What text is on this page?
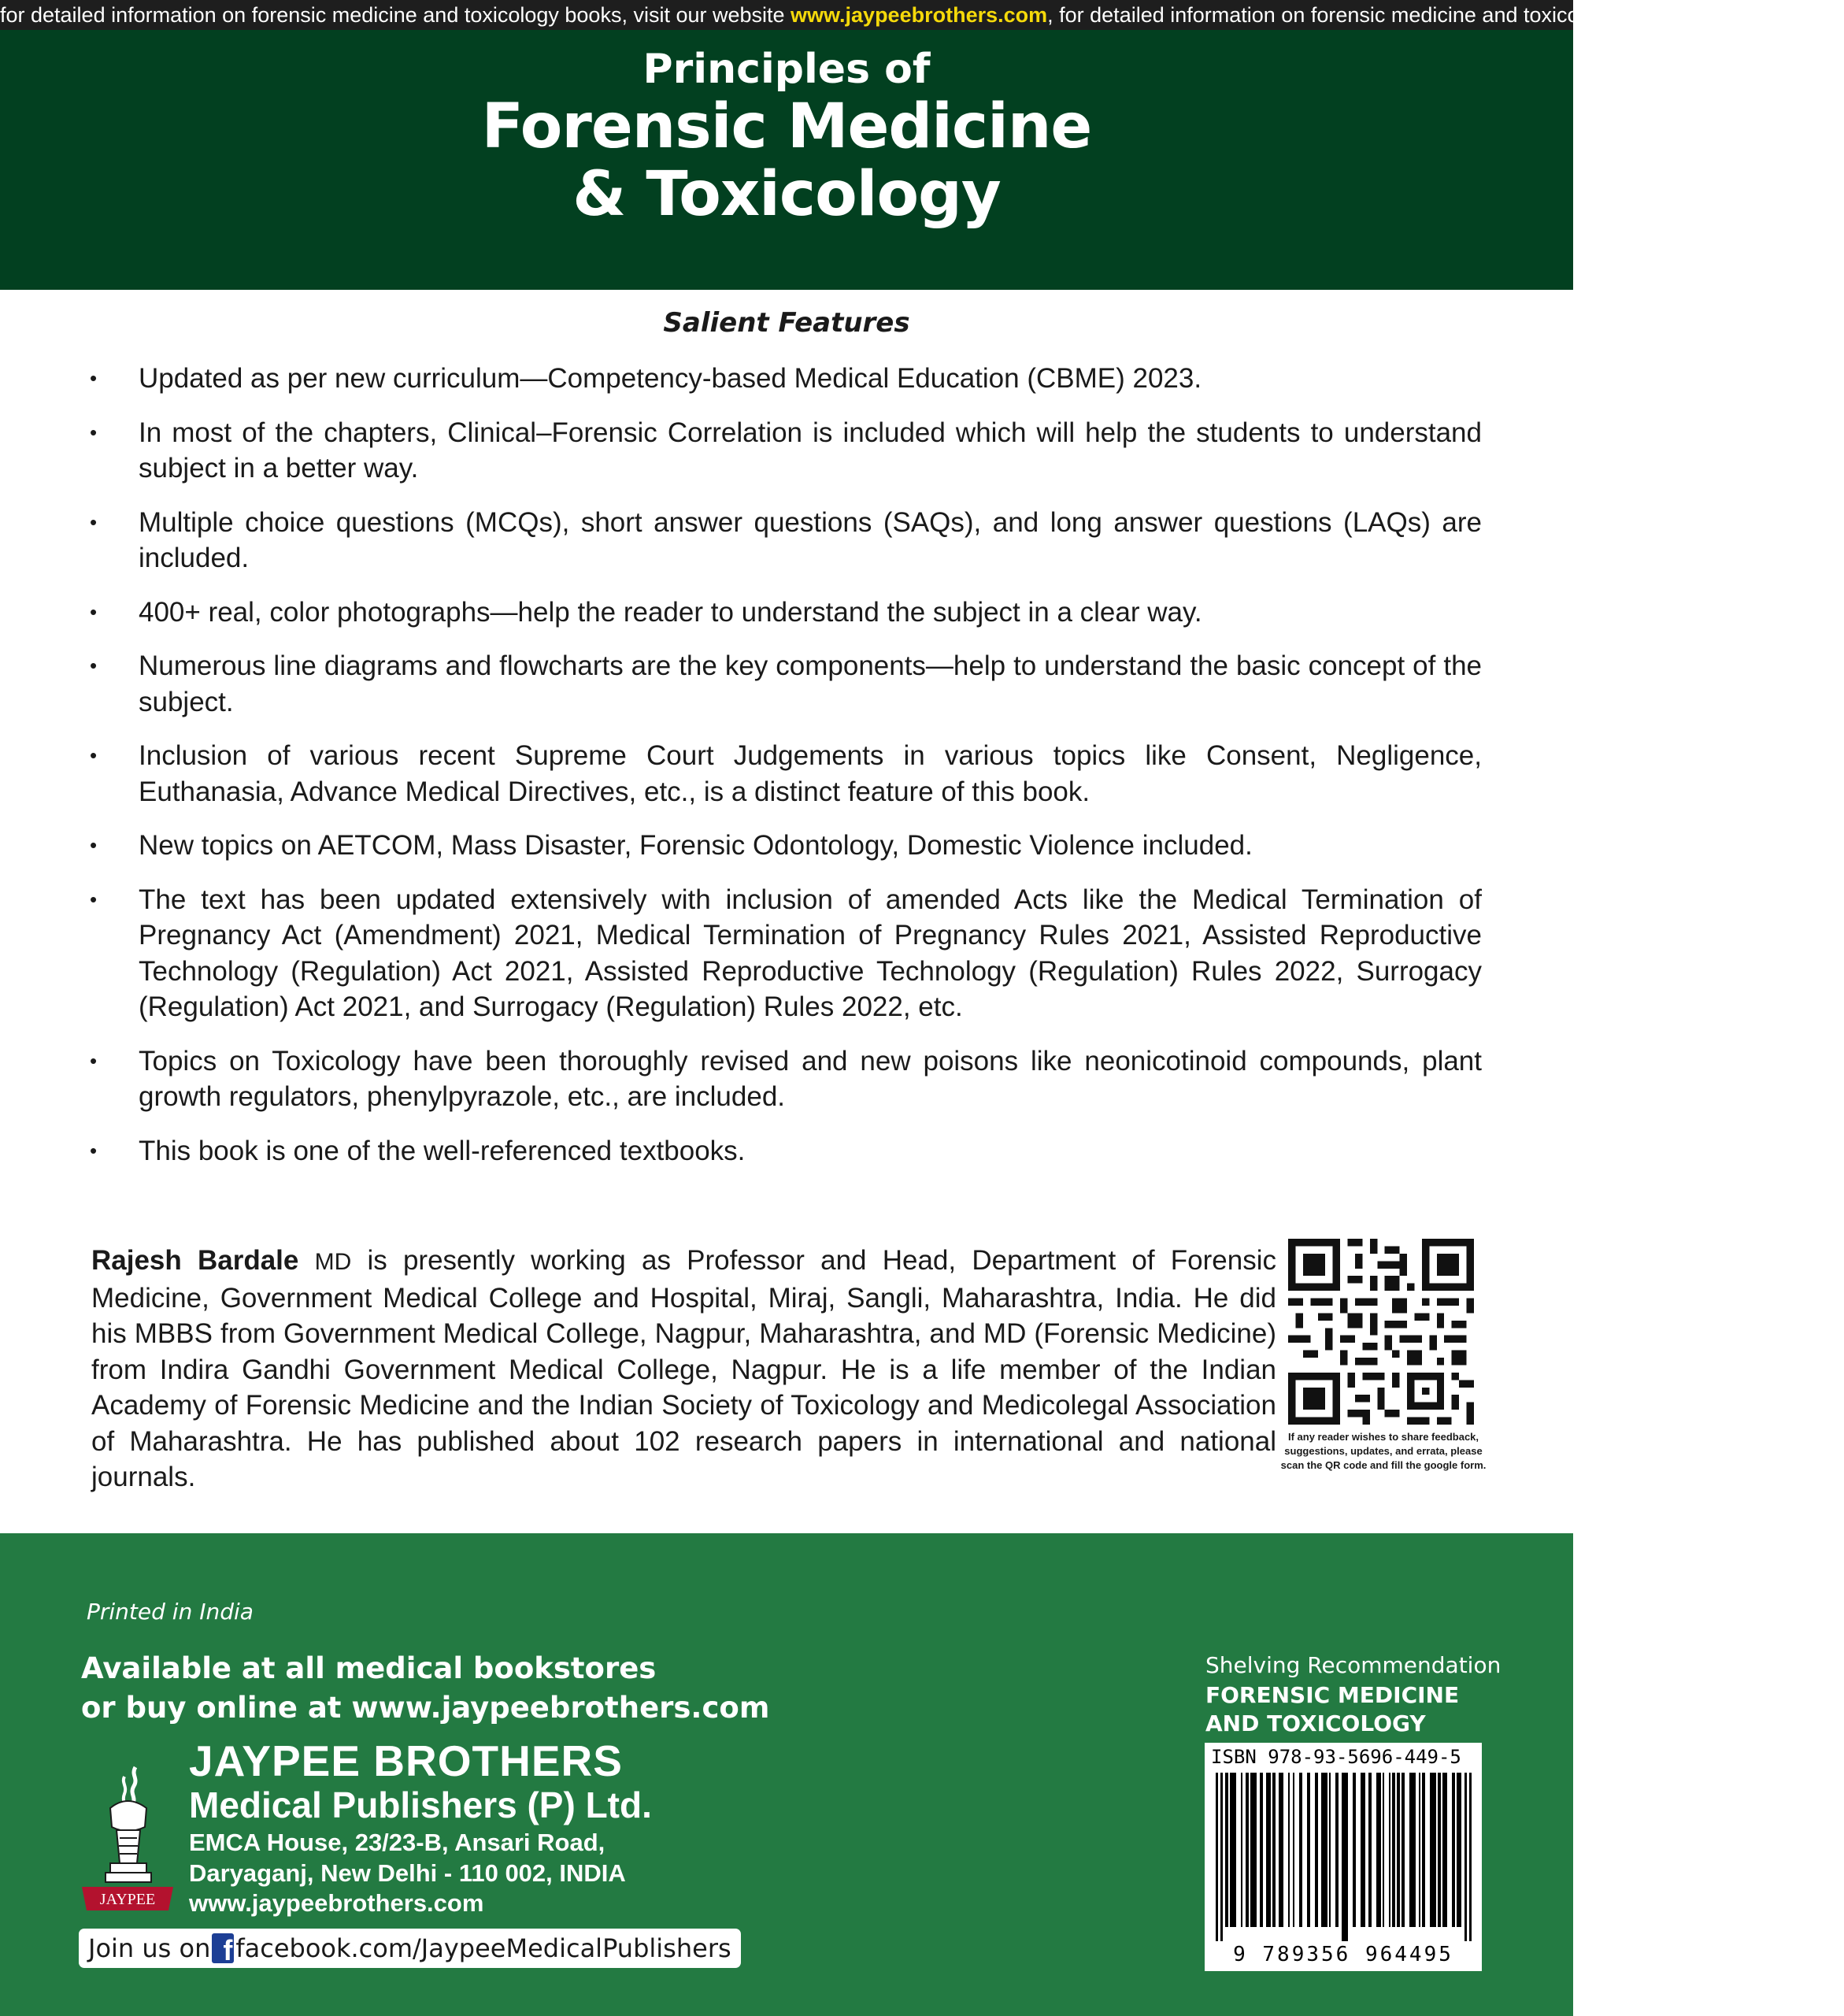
for detailed information on forensic medicine and toxicology books, visit our website www.jaypeebrothers.com, for detailed information on forensic medicine and toxicology books, visit our website
Principles of
Forensic Medicine
& Toxicology
Salient Features
• Updated as per new curriculum—Competency-based Medical Education (CBME) 2023.
• In most of the chapters, Clinical–Forensic Correlation is included which will help the students to understand subject in a better way.
• Multiple choice questions (MCQs), short answer questions (SAQs), and long answer questions (LAQs) are included.
• 400+ real, color photographs—help the reader to understand the subject in a clear way.
• Numerous line diagrams and flowcharts are the key components—help to understand the basic concept of the subject.
• Inclusion of various recent Supreme Court Judgements in various topics like Consent, Negligence, Euthanasia, Advance Medical Directives, etc., is a distinct feature of this book.
• New topics on AETCOM, Mass Disaster, Forensic Odontology, Domestic Violence included.
• The text has been updated extensively with inclusion of amended Acts like the Medical Termination of Pregnancy Act (Amendment) 2021, Medical Termination of Pregnancy Rules 2021, Assisted Reproductive Technology (Regulation) Act 2021, Assisted Reproductive Technology (Regulation) Rules 2022, Surrogacy (Regulation) Act 2021, and Surrogacy (Regulation) Rules 2022, etc.
• Topics on Toxicology have been thoroughly revised and new poisons like neonicotinoid compounds, plant growth regulators, phenylpyrazole, etc., are included.
• This book is one of the well-referenced textbooks.

Rajesh Bardale MD is presently working as Professor and Head, Department of Forensic Medicine, Government Medical College and Hospital, Miraj, Sangli, Maharashtra, India. He did his MBBS from Government Medical College, Nagpur, Maharashtra, and MD (Forensic Medicine) from Indira Gandhi Government Medical College, Nagpur. He is a life member of the Indian Academy of Forensic Medicine and the Indian Society of Toxicology and Medicolegal Association of Maharashtra. He has published about 102 research papers in international and national journals.

If any reader wishes to share feedback, suggestions, updates, and errata, please scan the QR code and fill the google form.
Printed in India
Available at all medical bookstores
or buy online at www.jaypeebrothers.com
JAYPEE
JAYPEE BROTHERS
Medical Publishers (P) Ltd.
EMCA House, 23/23-B, Ansari Road,
Daryaganj, New Delhi - 110 002, INDIA
www.jaypeebrothers.com
Join us on f facebook.com/JaypeeMedicalPublishers
Shelving Recommendation
FORENSIC MEDICINE
AND TOXICOLOGY
ISBN 978-93-5696-449-5
9 789356 964495
